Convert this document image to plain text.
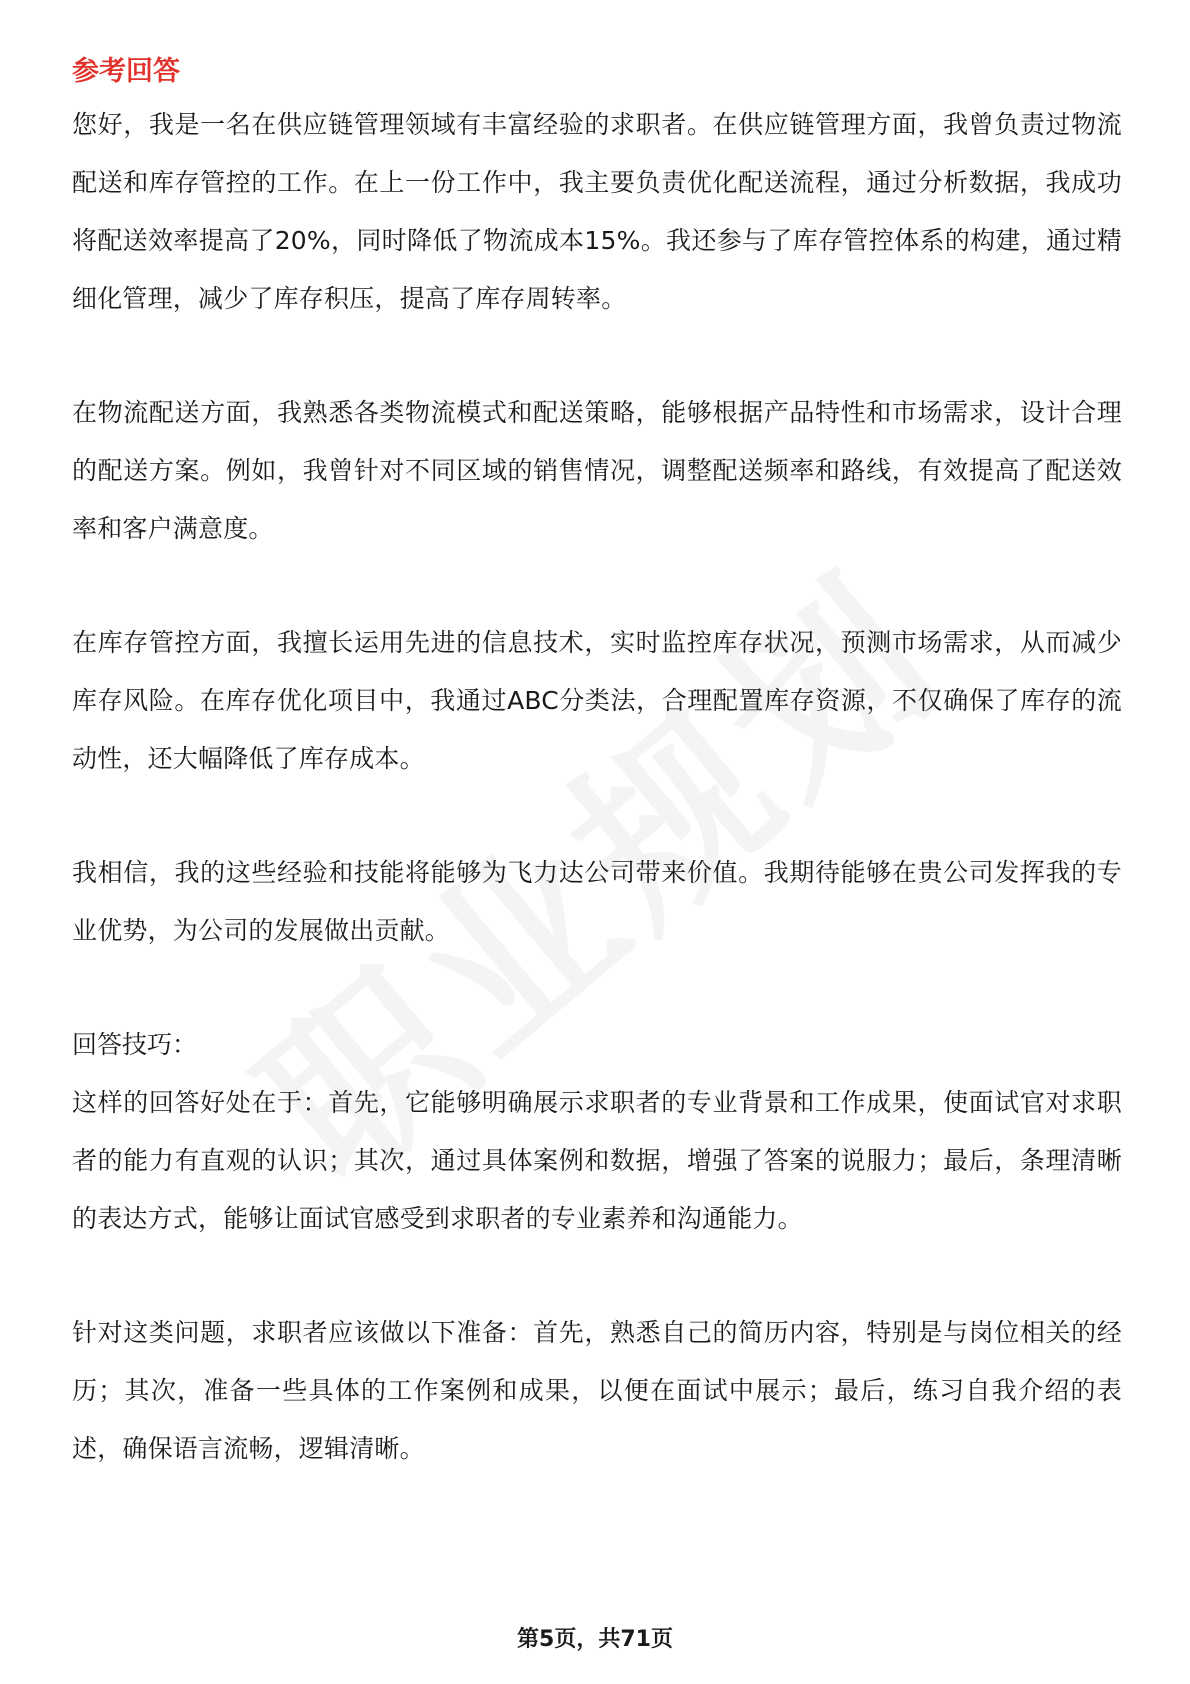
参考回答

您好，我是一名在供应链管理领域有丰富经验的求职者。在供应链管理方面，我曾负责过物流配送和库存管控的工作。在上一份工作中，我主要负责优化配送流程，通过分析数据，我成功将配送效率提高了20%，同时降低了物流成本15%。我还参与了库存管控体系的构建，通过精细化管理，减少了库存积压，提高了库存周转率。

在物流配送方面，我熟悉各类物流模式和配送策略，能够根据产品特性和市场需求，设计合理的配送方案。例如，我曾针对不同区域的销售情况，调整配送频率和路线，有效提高了配送效率和客户满意度。

在库存管控方面，我擅长运用先进的信息技术，实时监控库存状况，预测市场需求，从而减少库存风险。在库存优化项目中，我通过ABC分类法，合理配置库存资源，不仅确保了库存的流动性，还大幅降低了库存成本。

我相信，我的这些经验和技能将能够为飞力达公司带来价值。我期待能够在贵公司发挥我的专业优势，为公司的发展做出贡献。

回答技巧：

这样的回答好处在于：首先，它能够明确展示求职者的专业背景和工作成果，使面试官对求职者的能力有直观的认识；其次，通过具体案例和数据，增强了答案的说服力；最后，条理清晰的表达方式，能够让面试官感受到求职者的专业素养和沟通能力。

针对这类问题，求职者应该做以下准备：首先，熟悉自己的简历内容，特别是与岗位相关的经历；其次，准备一些具体的工作案例和成果，以便在面试中展示；最后，练习自我介绍的表述，确保语言流畅，逻辑清晰。

第5页，共71页
